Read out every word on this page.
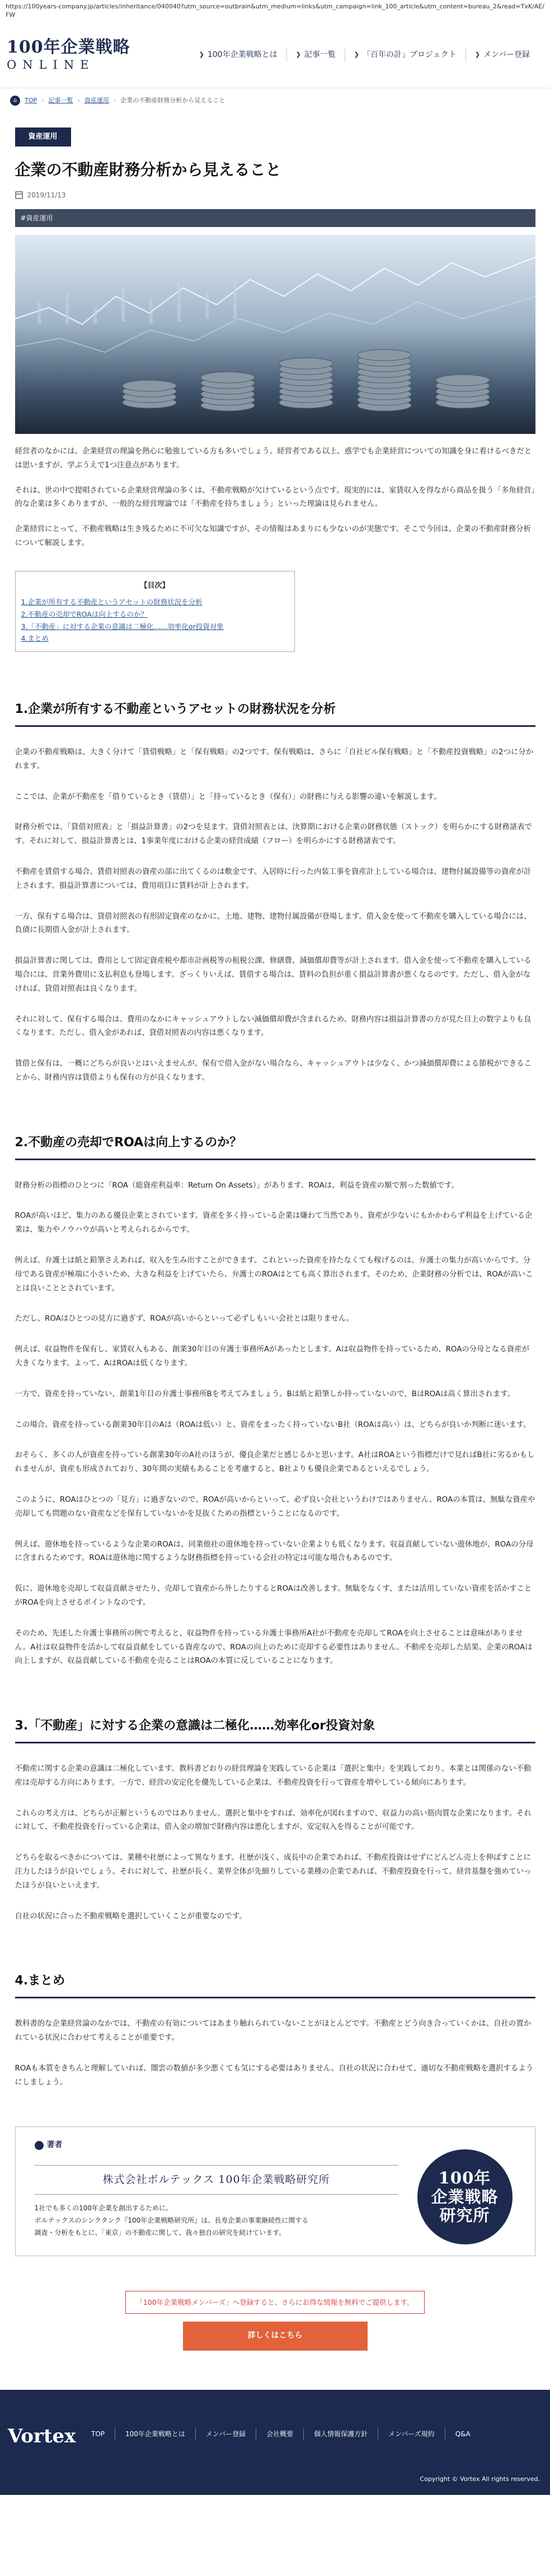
https://100years-company.jp/articles/inheritance/040040?utm_source=outbrain&utm_medium=links&utm_campaign=link_100_article&utm_content=bureau_2&read=TxK/AE/FW
100年企業戦略
ONLINE
❯ 100年企業戦略とは	❯ 記事一覧	❯ 「百年の計」プロジェクト	❯ メンバー登録
⌂	TOP › 記事一覧 › 資産運用 › 企業の不動産財務分析から見えること
資産運用
企業の不動産財務分析から見えること
2019/11/13
#資産運用

経営者のなかには、企業経営の理論を熱心に勉強している方も多いでしょう。経営者である以上、惑学でも企業経営についての知識を身に着けるべきだとは思いますが、学ぶうえで1つ注意点があります。

それは、世の中で提唱されている企業経営理論の多くは、不動産戦略が欠けているという点です。現実的には、家賃収入を得ながら商品を扱う「多角経営」的な企業は多くありますが、一般的な経営理論では「不動産を持ちましょう」といった理論は見られません。

企業経営にとって、不動産戦略は生き残るために不可欠な知識ですが、その情報はあまりにも少ないのが実態です。そこで今回は、企業の不動産財務分析について解説します。

【目次】
1.企業が所有する不動産というアセットの財務状況を分析
2.不動産の売却でROAは向上するのか？
3.「不動産」に対する企業の意識は二極化……効率化or投資対象
4.まとめ
1.企業が所有する不動産というアセットの財務状況を分析

企業の不動産戦略は、大きく分けて「賃借戦略」と「保有戦略」の2つです。保有戦略は、さらに「自社ビル保有戦略」と「不動産投資戦略」の2つに分かれます。

ここでは、企業が不動産を「借りているとき（賃借）」と「持っているとき（保有）」の財務に与える影響の違いを解説します。

財務分析では、「貸借対照表」と「損益計算書」の2つを見ます。貸借対照表とは、決算期における企業の財務状態（ストック）を明らかにする財務諸表です。それに対して、損益計算書とは、1事業年度における企業の経営成績（フロー）を明らかにする財務諸表です。

不動産を賃借する場合、賃借対照表の資産の部に出てくるのは敷金です。入居時に行った内装工事を資産計上している場合は、建物付属設備等の資産が計上されます。損益計算書については、費用項目に賃料が計上されます。

一方、保有する場合は、貸借対照表の有形固定資産のなかに、土地、建物、建物付属設備が登場します。借入金を使って不動産を購入している場合には、負債に長期借入金が計上されます。

損益計算書に関しては、費用として固定資産税や都市計画税等の租税公課、修繕費、減価償却費等が計上されます。借入金を使って不動産を購入している場合には、営業外費用に支払利息も登場します。ざっくりいえば、賃借する場合は、賃料の負担が重く損益計算書が悪くなるのです。ただし、借入金がなければ、貸借対照表は良くなります。

それに対して、保有する場合は、費用のなかにキャッシュアウトしない減価償却費が含まれるため、財務内容は損益計算書の方が見た目上の数字よりも良くなります。ただし、借入金があれば、貸借対照表の内容は悪くなります。

賃借と保有は、一概にどちらが良いとはいえませんが、保有で借入金がない場合なら、キャッシュアウトは少なく、かつ減価償却費による節税ができることから、財務内容は賃借よりも保有の方が良くなります。

2.不動産の売却でROAは向上するのか？

財務分析の指標のひとつに「ROA（総資産利益率：Return On Assets）」があります。ROAは、利益を資産の額で割った数値です。

ROAが高いほど、集力のある優良企業とされています。資産を多く持っている企業は嫌わて当然であり、資産が少ないにもかかわらず利益を上げている企業は、集力やノウハウが高いと考えられるからです。

例えば、弁護士は紙と鉛筆さえあれば、収入を生み出すことができます。これといった資産を持たなくても稼げるのは、弁護士の集力が高いからです。分母である資産が極端に小さいため、大きな利益を上げていたら、弁護士のROAはとても高く算出されます。そのため、企業財務の分析では、ROAが高いことは良いこととされています。

ただし、ROAはひとつの見方に過ぎず、ROAが高いからといって必ずしもいい会社とは限りません。

例えば、収益物件を保有し、家賃収入もある、創業30年目の弁護士事務所Aがあったとします。Aは収益物件を持っているため、ROAの分母となる資産が大きくなります。よって、AはROAは低くなります。

一方で、資産を持っていない、創業1年目の弁護士事務所Bを考えてみましょう。Bは紙と鉛筆しか持っていないので、BはROAは高く算出されます。

この場合、資産を持っている創業30年目のAは（ROAは低い）と、資産をまったく持っていないB社（ROAは高い）は、どちらが良いか判断に迷います。

おそらく、多くの人が資産を持っている創業30年のA社のほうが、優良企業だと感じるかと思います。A社はROAという指標だけで見ればB社に劣るかもしれませんが、資産も形成されており、30年間の実績もあることを考慮すると、B社よりも優良企業であるといえるでしょう。

このように、ROAはひとつの「見方」に過ぎないので、ROAが高いからといって、必ず良い会社というわけではありません。ROAの本質は、無駄な資産や売却しても問題のない資産などを保有していないかを見抜くための指標ということになるのです。

例えば、遊休地を持っているような企業のROAは、同業他社の遊休地を持っていない企業よりも低くなります。収益貢献していない遊休地が、ROAの分母に含まれるためです。ROAは遊休地に関するような財務指標を持っている会社の特定は可能な場合もあるのです。

仮に、遊休地を売却して収益貢献させたり、売却して資産から外したりするとROAは改善します。無駄をなくす、または活用していない資産を活かすことがROAを向上させるポイントなのです。

そのため、先述した弁護士事務所の例で考えると、収益物件を持っている弁護士事務所A社が不動産を売却してROAを向上させることは意味がありません。A社は収益物件を活かして収益貢献をしている資産なので、ROAの向上のために売却する必要性はありません。不動産を売却した結果、企業のROAは向上しますが、収益貢献している不動産を売ることはROAの本質に反していることになります。

3.「不動産」に対する企業の意識は二極化……効率化or投資対象

不動産に関する企業の意識は二極化しています。教科書どおりの経営理論を実践している企業は「選択と集中」を実践しており、本業とは関係のない不動産は売却する方向にあります。一方で、経営の安定化を優先している企業は、不動産投資を行って資産を増やしている傾向にあります。

これらの考え方は、どちらが正解というものではありません。選択と集中をすれば、効率化が図れますので、収益力の高い筋肉質な企業になります。それに対して、不動産投資を行っている企業は、借入金の増加で財務内容は悪化しますが、安定収入を得ることが可能です。

どちらを取るべきかについては、業種や社歴によって異なります。社歴が浅く、成長中の企業であれば、不動産投資はせずにどんどん売上を伸ばすことに注力したほうが良いでしょう。それに対して、社歴が長く、業界全体が先細りしている業種の企業であれば、不動産投資を行って、経営基盤を強めていったほうが良いといえます。

自社の状況に合った不動産戦略を選択していくことが重要なのです。

4.まとめ

教科書的な企業経営論のなかでは、不動産の有効についてはあまり触れられていないことがほとんどです。不動産とどう向き合っていくかは、自社の置かれている状況に合わせて考えることが重要です。

ROAも本質をきちんと理解していれば、闇雲の数値が多少悪くても気にする必要はありません。自社の状況に合わせて、適切な不動産戦略を選択するようにしましょう。

著者
株式会社ボルテックス 100年企業戦略研究所
1社でも多くの100年企業を創出するために。
ボルテックスのシンクタンク『100年企業戦略研究所』は、長寿企業の事業継続性に関する
調査・分析をもとに、「東京」の不動産に関して、我々独自の研究を続けています。
100年
企業戦略
研究所
「100年企業戦略メンバーズ」へ登録すると、さらにお得な情報を無料でご提供します。
詳しくはこちら
Vortex	TOP	100年企業戦略とは	メンバー登録	会社概要	個人情報保護方針	メンバーズ規約	Q&A
Copyright © Vortex All rights reserved.
